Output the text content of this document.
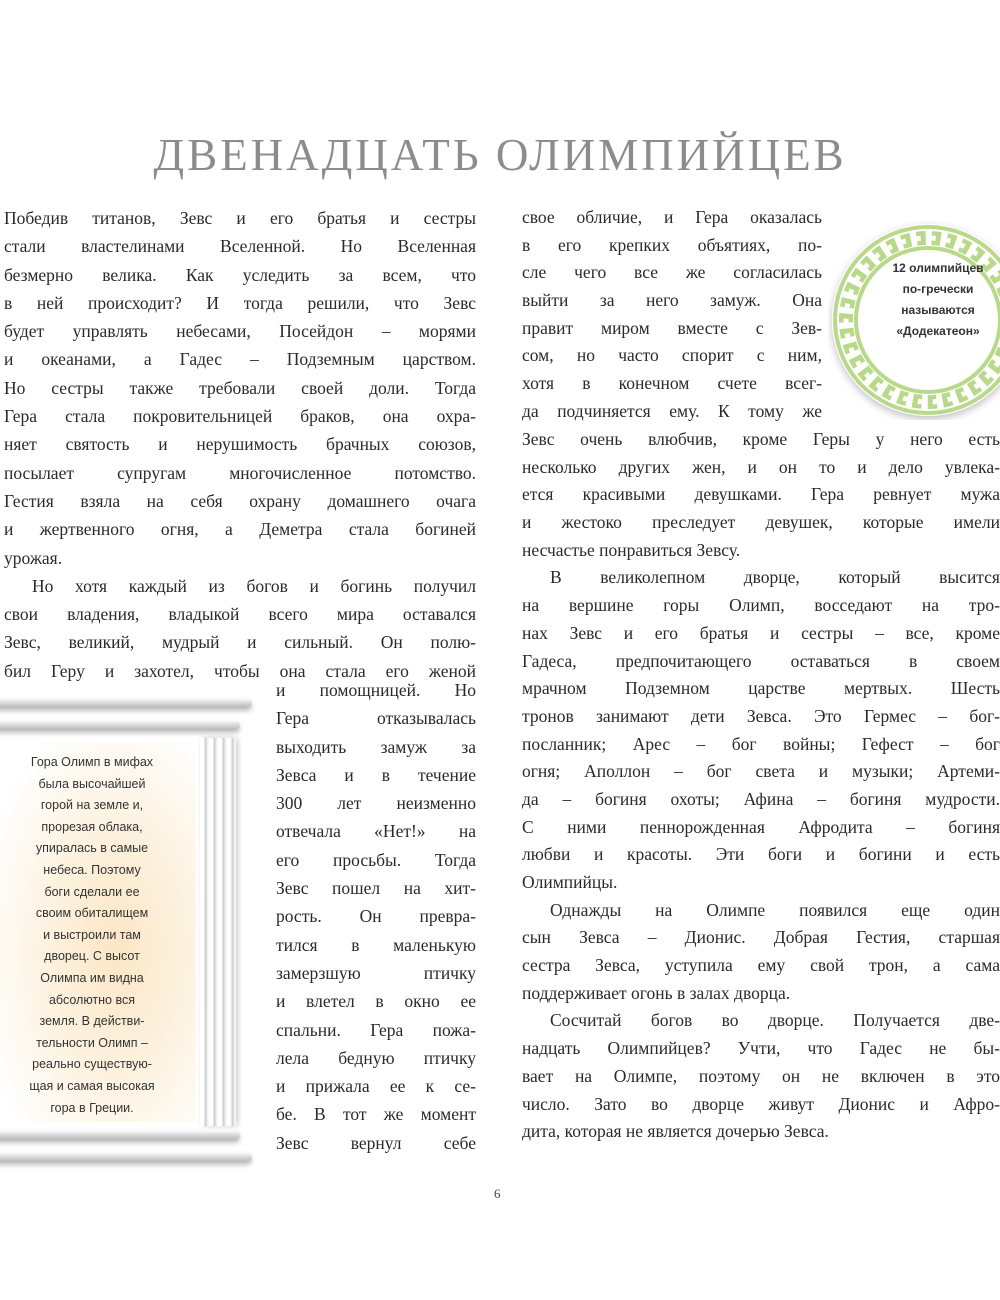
ДВЕНАДЦАТЬ ОЛИМПИЙЦЕВ
Победив титанов, Зевс и его братья и сестры
стали властелинами Вселенной. Но Вселенная
безмерно велика. Как уследить за всем, что
в ней происходит? И тогда решили, что Зевс
будет управлять небесами, Посейдон – морями
и океанами, а Гадес – Подземным царством.
Но сестры также требовали своей доли. Тогда
Гера стала покровительницей браков, она охра-
няет святость и нерушимость брачных союзов,
посылает супругам многочисленное потомство.
Гестия взяла на себя охрану домашнего очага
и жертвенного огня, а Деметра стала богиней
урожая.
Но хотя каждый из богов и богинь получил
свои владения, владыкой всего мира оставался
Зевс, великий, мудрый и сильный. Он полю-
бил Геру и захотел, чтобы она стала его женой
и помощницей. Но
Гера отказывалась
выходить замуж за
Зевса и в течение
300 лет неизменно
отвечала «Нет!» на
его просьбы. Тогда
Зевс пошел на хит-
рость. Он превра-
тился в маленькую
замерзшую птичку
и влетел в окно ее
спальни. Гера пожа-
лела бедную птичку
и прижала ее к се-
бе. В тот же момент
Зевс вернул себе
свое обличие, и Гера оказалась
в его крепких объятиях, по-
сле чего все же согласилась
выйти за него замуж. Она
правит миром вместе с Зев-
сом, но часто спорит с ним,
хотя в конечном счете всег-
да подчиняется ему. К тому же
Зевс очень влюбчив, кроме Геры у него есть
несколько других жен, и он то и дело увлека-
ется красивыми девушками. Гера ревнует мужа
и жестоко преследует девушек, которые имели
несчастье понравиться Зевсу.
В великолепном дворце, который высится
на вершине горы Олимп, восседают на тро-
нах Зевс и его братья и сестры – все, кроме
Гадеса, предпочитающего оставаться в своем
мрачном Подземном царстве мертвых. Шесть
тронов занимают дети Зевса. Это Гермес – бог-
посланник; Арес – бог войны; Гефест – бог
огня; Аполлон – бог света и музыки; Артеми-
да – богиня охоты; Афина – богиня мудрости.
С ними пеннорожденная Афродита – богиня
любви и красоты. Эти боги и богини и есть
Олимпийцы.
Однажды на Олимпе появился еще один
сын Зевса – Дионис. Добрая Гестия, старшая
сестра Зевса, уступила ему свой трон, а сама
поддерживает огонь в залах дворца.
Сосчитай богов во дворце. Получается две-
надцать Олимпийцев? Учти, что Гадес не бы-
вает на Олимпе, поэтому он не включен в это
число. Зато во дворце живут Дионис и Афро-
дита, которая не является дочерью Зевса.
Гора Олимп в мифах
была высочайшей
горой на земле и,
прорезая облака,
упиралась в самые
небеса. Поэтому
боги сделали ее
своим обиталищем
и выстроили там
дворец. С высот
Олимпа им видна
абсолютно вся
земля. В действи-
тельности Олимп –
реально существую-
щая и самая высокая
гора в Греции.
12 олимпийцев
по-гречески
называются
«Додекатеон»
6
